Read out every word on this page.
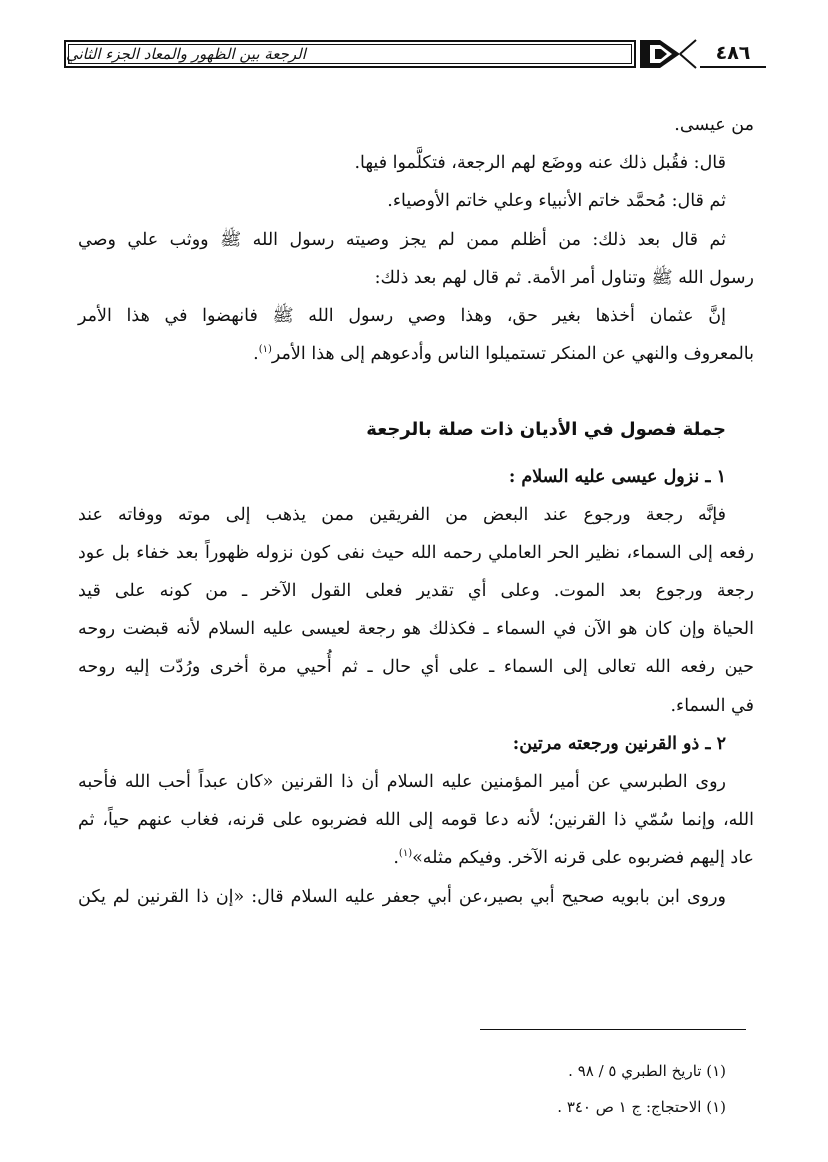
الرجعة بين الظهور والمعاد الجزء الثاني	٤٨٦
من عيسى.
قال: فقُبل ذلك عنه ووضَع لهم الرجعة، فتكلَّموا فيها.
ثم قال: مُحمَّد خاتم الأنبياء وعلي خاتم الأوصياء.
ثم قال بعد ذلك: من أظلم ممن لم يجز وصيته رسول الله ﷺ ووثب علي وصي
رسول الله ﷺ وتناول أمر الأمة. ثم قال لهم بعد ذلك:
إنَّ عثمان أخذها بغير حق، وهذا وصي رسول الله ﷺ فانهضوا في هذا الأمر
بالمعروف والنهي عن المنكر تستميلوا الناس وأدعوهم إلى هذا الأمر$^{(١)}$.
جملة فصول في الأديان ذات صلة بالرجعة
١ ـ نزول عيسى عليه السلام :
فإنَّه رجعة ورجوع عند البعض من الفريقين ممن يذهب إلى موته ووفاته عند
رفعه إلى السماء، نظير الحر العاملي رحمه الله حيث نفى كون نزوله ظهوراً بعد خفاء بل عود
رجعة ورجوع بعد الموت. وعلى أي تقدير فعلى القول الآخر ـ من كونه على قيد
الحياة وإن كان هو الآن في السماء ـ فكذلك هو رجعة لعيسى عليه السلام لأنه قبضت روحه
حين رفعه الله تعالى إلى السماء ـ على أي حال ـ ثم أُحيي مرة أخرى ورُدّت إليه روحه
في السماء.
٢ ـ ذو القرنين ورجعته مرتين:
روى الطبرسي عن أمير المؤمنين عليه السلام أن ذا القرنين «كان عبداً أحب الله فأحبه
الله، وإنما سُمّي ذا القرنين؛ لأنه دعا قومه إلى الله فضربوه على قرنه، فغاب عنهم حياً، ثم
عاد إليهم فضربوه على قرنه الآخر. وفيكم مثله»$^{(١)}$.
وروى ابن بابويه صحيح أبي بصير،عن أبي جعفر عليه السلام قال: «إن ذا القرنين لم يكن
(١) تاريخ الطبري ٥ / ٩٨ .
(١) الاحتجاج: ج ١ ص ٣٤٠ .
